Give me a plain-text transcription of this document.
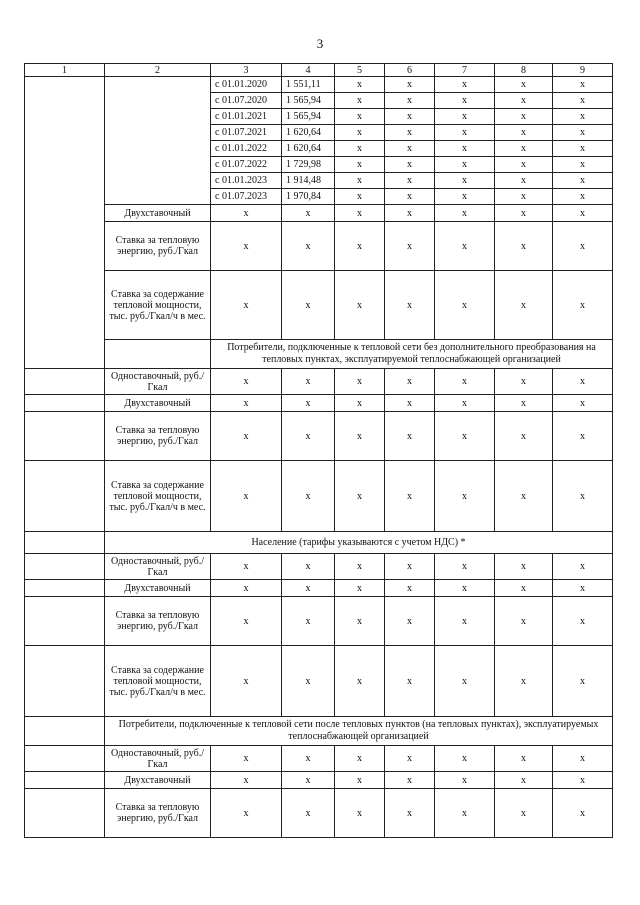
3
1	2	3	4	5	6	7	8	9
		с 01.01.2020	1 551,11	x	x	x	x	x
		с 01.07.2020	1 565,94	x	x	x	x	x
		с 01.01.2021	1 565,94	x	x	x	x	x
		с 01.07.2021	1 620,64	x	x	x	x	x
		с 01.01.2022	1 620,64	x	x	x	x	x
		с 01.07.2022	1 729,98	x	x	x	x	x
		с 01.01.2023	1 914,48	x	x	x	x	x
		с 01.07.2023	1 970,84	x	x	x	x	x
	Двухставочный	x	x	x	x	x	x	x
	Ставка за тепловую энергию, руб./Гкал	x	x	x	x	x	x	x
	Ставка за содержание тепловой мощности, тыс. руб./Гкал/ч в мес.	x	x	x	x	x	x	x
		Потребители, подключенные к тепловой сети без дополнительного преобразования на тепловых пунктах, эксплуатируемой теплоснабжающей организацией						
	Одноставочный, руб./Гкал	x	x	x	x	x	x	x
	Двухставочный	x	x	x	x	x	x	x
	Ставка за тепловую энергию, руб./Гкал	x	x	x	x	x	x	x
	Ставка за содержание тепловой мощности, тыс. руб./Гкал/ч в мес.	x	x	x	x	x	x	x
	Население (тарифы указываются с учетом НДС) *							
	Одноставочный, руб./Гкал	x	x	x	x	x	x	x
	Двухставочный	x	x	x	x	x	x	x
	Ставка за тепловую энергию, руб./Гкал	x	x	x	x	x	x	x
	Ставка за содержание тепловой мощности, тыс. руб./Гкал/ч в мес.	x	x	x	x	x	x	x
	Потребители, подключенные к тепловой сети после тепловых пунктов (на тепловых пунктах), эксплуатируемых теплоснабжающей организацией							
	Одноставочный, руб./Гкал	x	x	x	x	x	x	x
	Двухставочный	x	x	x	x	x	x	x
	Ставка за тепловую энергию, руб./Гкал	x	x	x	x	x	x	x
